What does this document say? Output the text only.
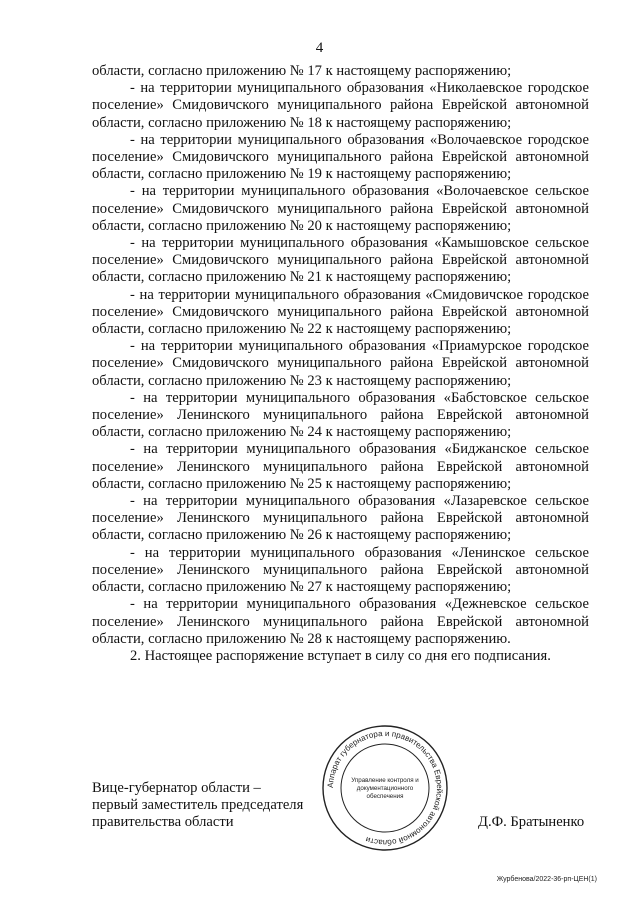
4

области, согласно приложению № 17 к настоящему распоряжению;

- на территории муниципального образования «Николаевское городское поселение» Смидовичского муниципального района Еврейской автономной области, согласно приложению № 18 к настоящему распоряжению;

- на территории муниципального образования «Волочаевское городское поселение» Смидовичского муниципального района Еврейской автономной области, согласно приложению № 19 к настоящему распоряжению;

- на территории муниципального образования «Волочаевское сельское поселение» Смидовичского муниципального района Еврейской автономной области, согласно приложению № 20 к настоящему распоряжению;

- на территории муниципального образования «Камышовское сельское поселение» Смидовичского муниципального района Еврейской автономной области, согласно приложению № 21 к настоящему распоряжению;

- на территории муниципального образования «Смидовичское городское поселение» Смидовичского муниципального района Еврейской автономной области, согласно приложению № 22 к настоящему распоряжению;

- на территории муниципального образования «Приамурское городское поселение» Смидовичского муниципального района Еврейской автономной области, согласно приложению № 23 к настоящему распоряжению;

- на территории муниципального образования «Бабстовское сельское поселение» Ленинского муниципального района Еврейской автономной области, согласно приложению № 24 к настоящему распоряжению;

- на территории муниципального образования «Биджанское сельское поселение» Ленинского муниципального района Еврейской автономной области, согласно приложению № 25 к настоящему распоряжению;

- на территории муниципального образования «Лазаревское сельское поселение» Ленинского муниципального района Еврейской автономной области, согласно приложению № 26 к настоящему распоряжению;

- на территории муниципального образования «Ленинское сельское поселение» Ленинского муниципального района Еврейской автономной области, согласно приложению № 27 к настоящему распоряжению;

- на территории муниципального образования «Дежневское сельское поселение» Ленинского муниципального района Еврейской автономной области, согласно приложению № 28 к настоящему распоряжению.

2. Настоящее распоряжение вступает в силу со дня его подписания.

Вице-губернатор области –
первый заместитель председателя
правительства области
Аппарат губернатора и правительства Еврейской автономной области
Управление контроля и
документационного
обеспечения
Д.Ф. Братыненко
Журбенова/2022-36-рп-ЦЕН(1)
